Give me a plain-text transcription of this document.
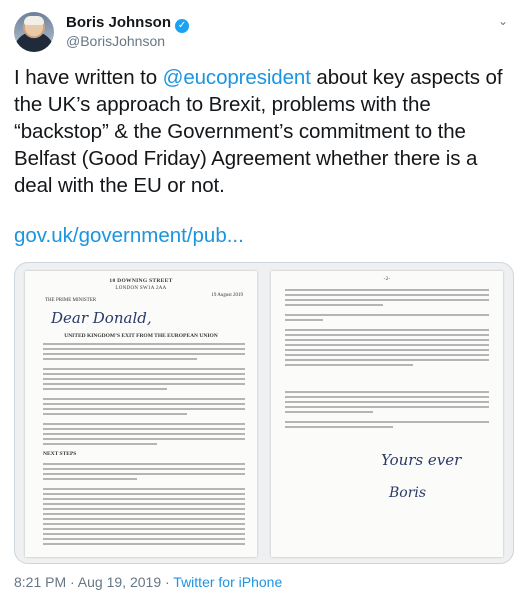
Boris Johnson ✓
@BorisJohnson
⌄
I have written to @eucopresident about key aspects of the UK’s approach to Brexit, problems with the “backstop” & the Government’s commitment to the Belfast (Good Friday) Agreement whether there is a deal with the EU or not.
gov.uk/government/pub...
10 DOWNING STREET
LONDON SW1A 2AA
THE PRIME MINISTER
19 August 2019
Dear Donald,
UNITED KINGDOM’S EXIT FROM THE EUROPEAN UNION
NEXT STEPS
-2-
Yours ever
Boris
8:21 PM · Aug 19, 2019 · Twitter for iPhone
